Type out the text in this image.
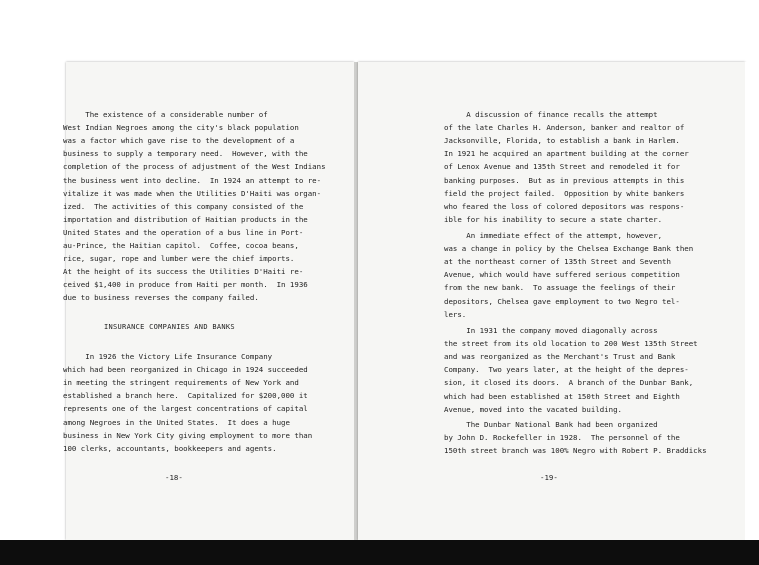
The existence of a considerable number of
West Indian Negroes among the city's black population
was a factor which gave rise to the development of a
business to supply a temporary need.  However, with the
completion of the process of adjustment of the West Indians
the business went into decline.  In 1924 an attempt to re-
vitalize it was made when the Utilities D'Haiti was organ-
ized.  The activities of this company consisted of the
importation and distribution of Haitian products in the
United States and the operation of a bus line in Port-
au-Prince, the Haitian capitol.  Coffee, cocoa beans,
rice, sugar, rope and lumber were the chief imports.
At the height of its success the Utilities D'Haiti re-
ceived $1,400 in produce from Haiti per month.  In 1936
due to business reverses the company failed.
INSURANCE COMPANIES AND BANKS
In 1926 the Victory Life Insurance Company
which had been reorganized in Chicago in 1924 succeeded
in meeting the stringent requirements of New York and
established a branch here.  Capitalized for $200,000 it
represents one of the largest concentrations of capital
among Negroes in the United States.  It does a huge
business in New York City giving employment to more than
100 clerks, accountants, bookkeepers and agents.
-18-
A discussion of finance recalls the attempt
of the late Charles H. Anderson, banker and realtor of
Jacksonville, Florida, to establish a bank in Harlem.
In 1921 he acquired an apartment building at the corner
of Lenox Avenue and 135th Street and remodeled it for
banking purposes.  But as in previous attempts in this
field the project failed.  Opposition by white bankers
who feared the loss of colored depositors was respons-
ible for his inability to secure a state charter.
An immediate effect of the attempt, however,
was a change in policy by the Chelsea Exchange Bank then
at the northeast corner of 135th Street and Seventh
Avenue, which would have suffered serious competition
from the new bank.  To assuage the feelings of their
depositors, Chelsea gave employment to two Negro tel-
lers.
In 1931 the company moved diagonally across
the street from its old location to 200 West 135th Street
and was reorganized as the Merchant's Trust and Bank
Company.  Two years later, at the height of the depres-
sion, it closed its doors.  A branch of the Dunbar Bank,
which had been established at 150th Street and Eighth
Avenue, moved into the vacated building.
The Dunbar National Bank had been organized
by John D. Rockefeller in 1928.  The personnel of the
150th street branch was 100% Negro with Robert P. Braddicks
-19-
